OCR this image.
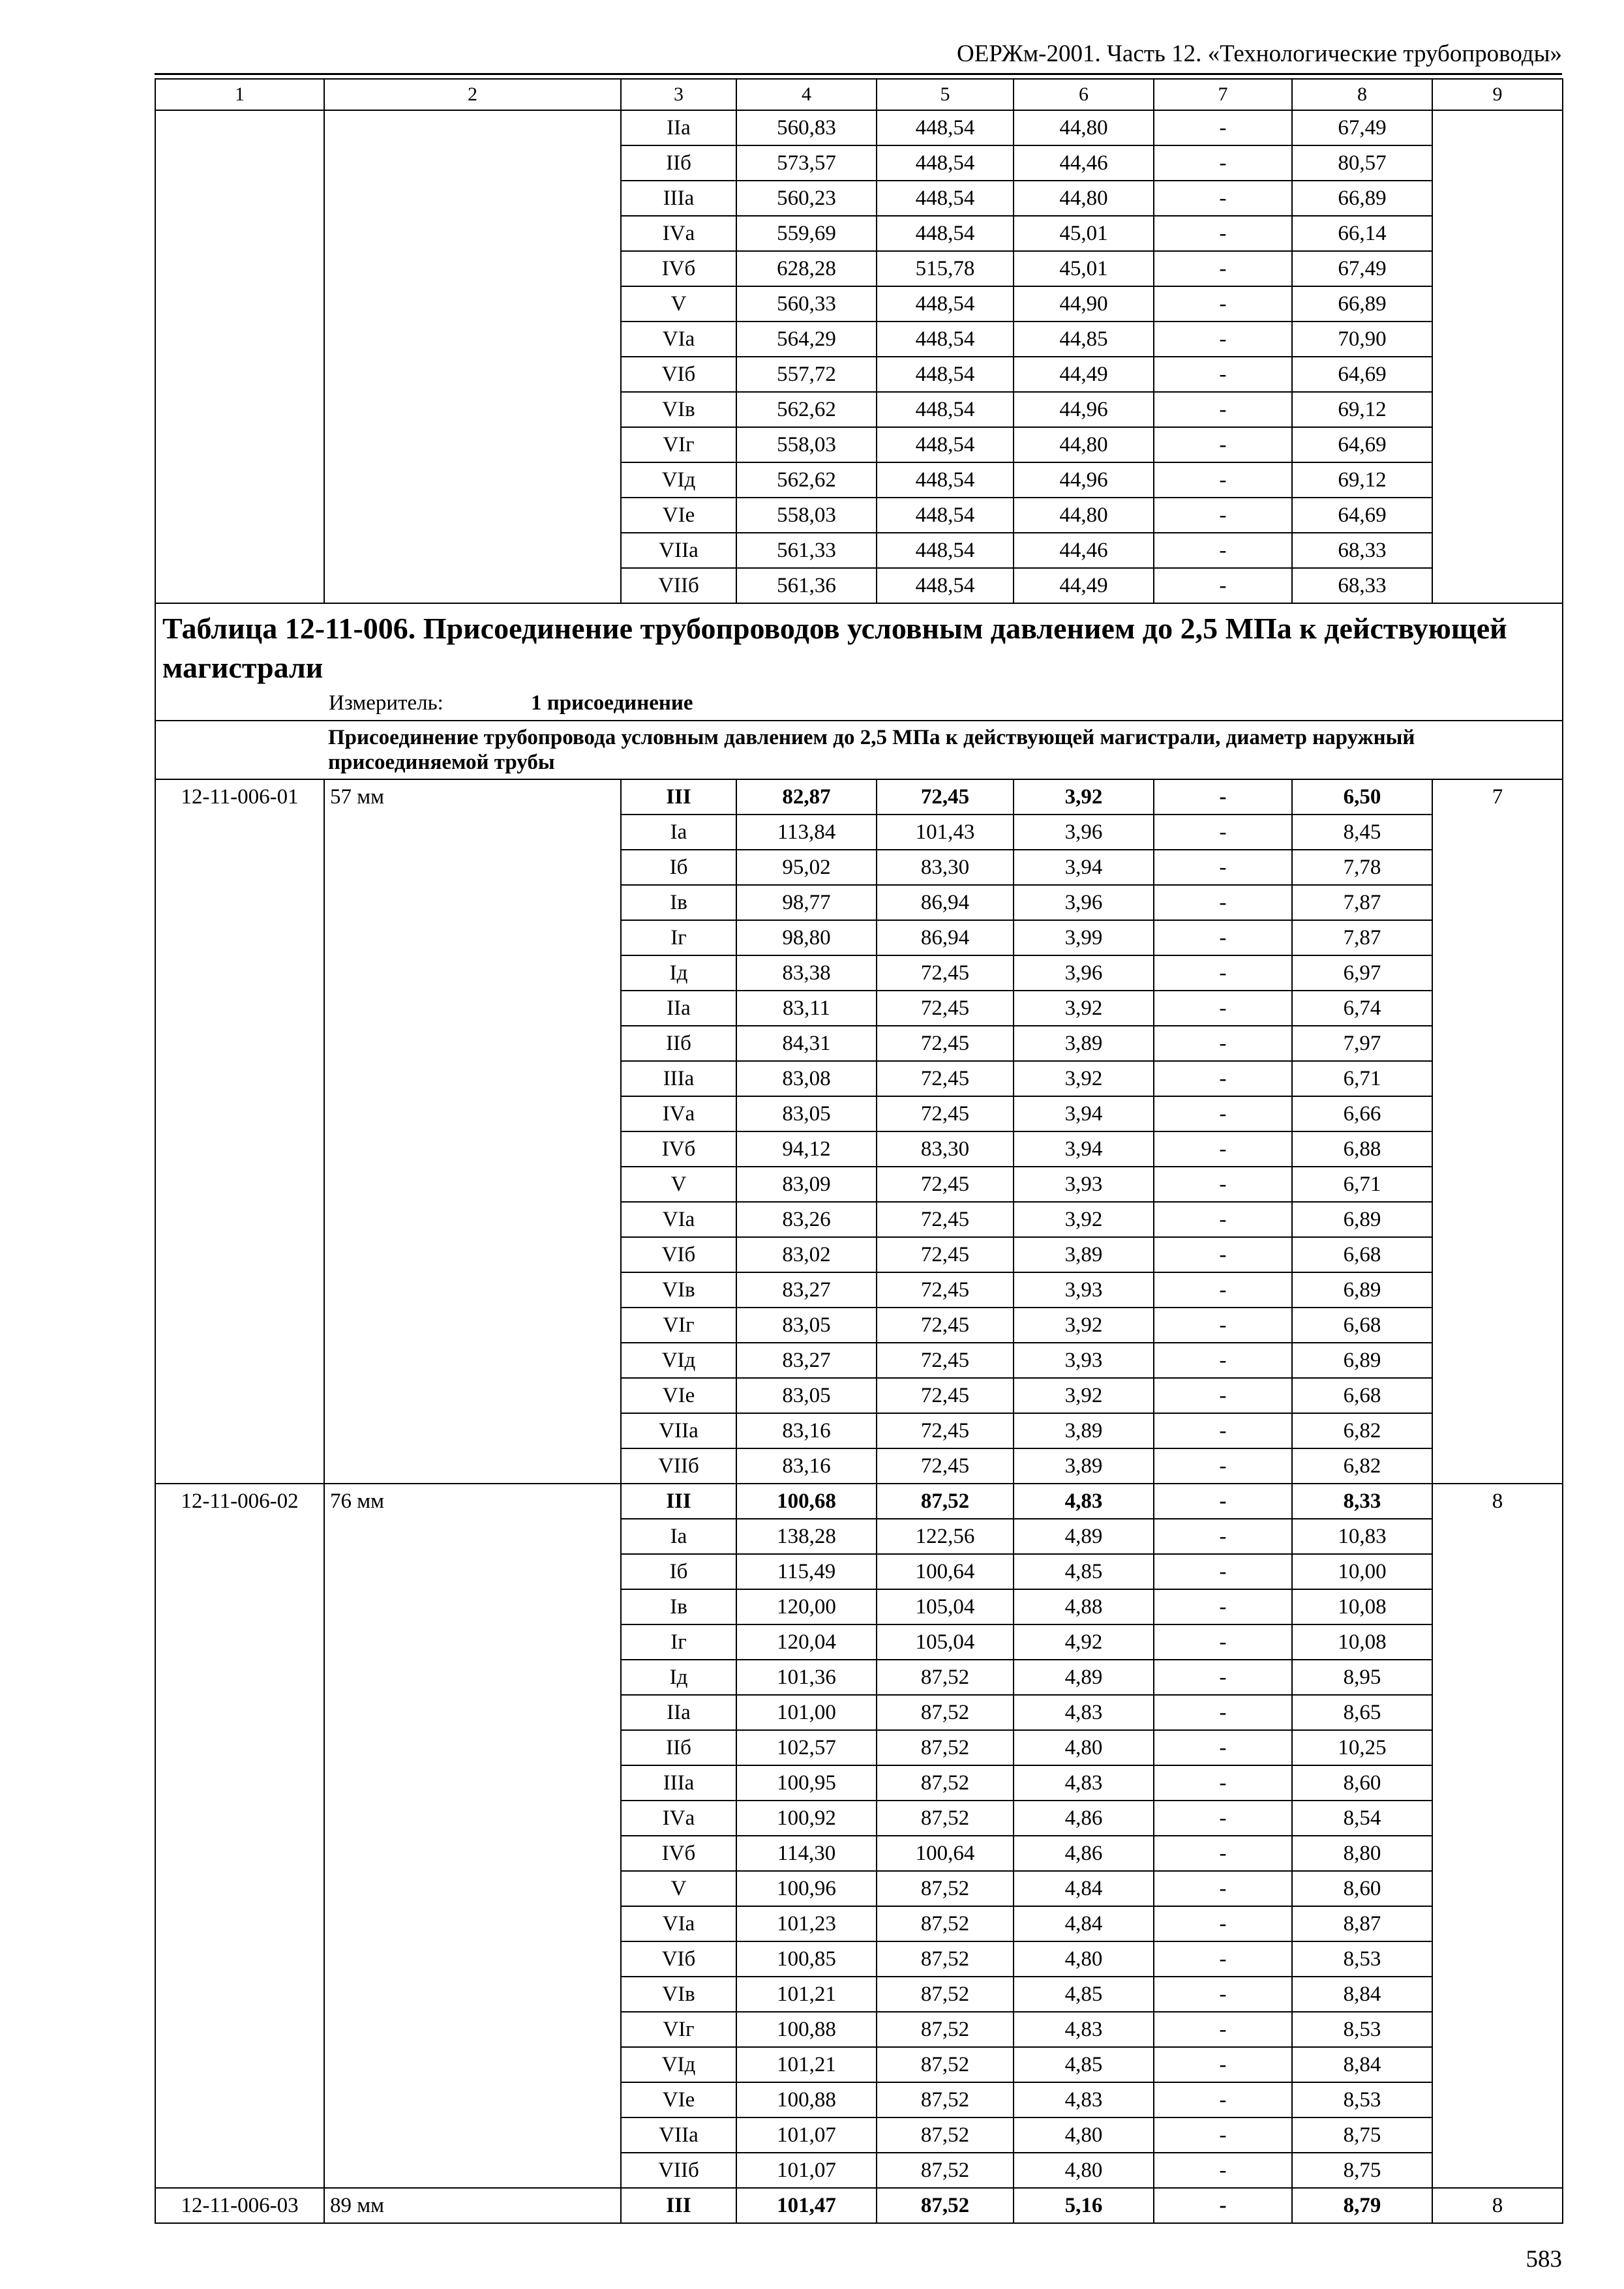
ОЕРЖм-2001. Часть 12. «Технологические трубопроводы»
1	2	3	4	5	6	7	8	9
		IIа	560,83	448,54	44,80	-	67,49	
		IIб	573,57	448,54	44,46	-	80,57	
		IIIа	560,23	448,54	44,80	-	66,89	
		IVа	559,69	448,54	45,01	-	66,14	
		IVб	628,28	515,78	45,01	-	67,49	
		V	560,33	448,54	44,90	-	66,89	
		VIа	564,29	448,54	44,85	-	70,90	
		VIб	557,72	448,54	44,49	-	64,69	
		VIв	562,62	448,54	44,96	-	69,12	
		VIг	558,03	448,54	44,80	-	64,69	
		VIд	562,62	448,54	44,96	-	69,12	
		VIе	558,03	448,54	44,80	-	64,69	
		VIIа	561,33	448,54	44,46	-	68,33	
		VIIб	561,36	448,54	44,49	-	68,33	

Таблица 12-11-006. Присоединение трубопроводов условным давлением до 2,5 МПа к действующей магистрали
Измеритель: 1 присоединение								

Присоединение трубопровода условным давлением до 2,5 МПа к действующей магистрали, диаметр наружный присоединяемой трубы								
12-11-006-01	57 мм	III	82,87	72,45	3,92	-	6,50	7
		Iа	113,84	101,43	3,96	-	8,45	
		Iб	95,02	83,30	3,94	-	7,78	
		Iв	98,77	86,94	3,96	-	7,87	
		Iг	98,80	86,94	3,99	-	7,87	
		Iд	83,38	72,45	3,96	-	6,97	
		IIа	83,11	72,45	3,92	-	6,74	
		IIб	84,31	72,45	3,89	-	7,97	
		IIIа	83,08	72,45	3,92	-	6,71	
		IVа	83,05	72,45	3,94	-	6,66	
		IVб	94,12	83,30	3,94	-	6,88	
		V	83,09	72,45	3,93	-	6,71	
		VIа	83,26	72,45	3,92	-	6,89	
		VIб	83,02	72,45	3,89	-	6,68	
		VIв	83,27	72,45	3,93	-	6,89	
		VIг	83,05	72,45	3,92	-	6,68	
		VIд	83,27	72,45	3,93	-	6,89	
		VIе	83,05	72,45	3,92	-	6,68	
		VIIа	83,16	72,45	3,89	-	6,82	
		VIIб	83,16	72,45	3,89	-	6,82	
12-11-006-02	76 мм	III	100,68	87,52	4,83	-	8,33	8
		Iа	138,28	122,56	4,89	-	10,83	
		Iб	115,49	100,64	4,85	-	10,00	
		Iв	120,00	105,04	4,88	-	10,08	
		Iг	120,04	105,04	4,92	-	10,08	
		Iд	101,36	87,52	4,89	-	8,95	
		IIа	101,00	87,52	4,83	-	8,65	
		IIб	102,57	87,52	4,80	-	10,25	
		IIIа	100,95	87,52	4,83	-	8,60	
		IVа	100,92	87,52	4,86	-	8,54	
		IVб	114,30	100,64	4,86	-	8,80	
		V	100,96	87,52	4,84	-	8,60	
		VIа	101,23	87,52	4,84	-	8,87	
		VIб	100,85	87,52	4,80	-	8,53	
		VIв	101,21	87,52	4,85	-	8,84	
		VIг	100,88	87,52	4,83	-	8,53	
		VIд	101,21	87,52	4,85	-	8,84	
		VIе	100,88	87,52	4,83	-	8,53	
		VIIа	101,07	87,52	4,80	-	8,75	
		VIIб	101,07	87,52	4,80	-	8,75	
12-11-006-03	89 мм	III	101,47	87,52	5,16	-	8,79	8
583
